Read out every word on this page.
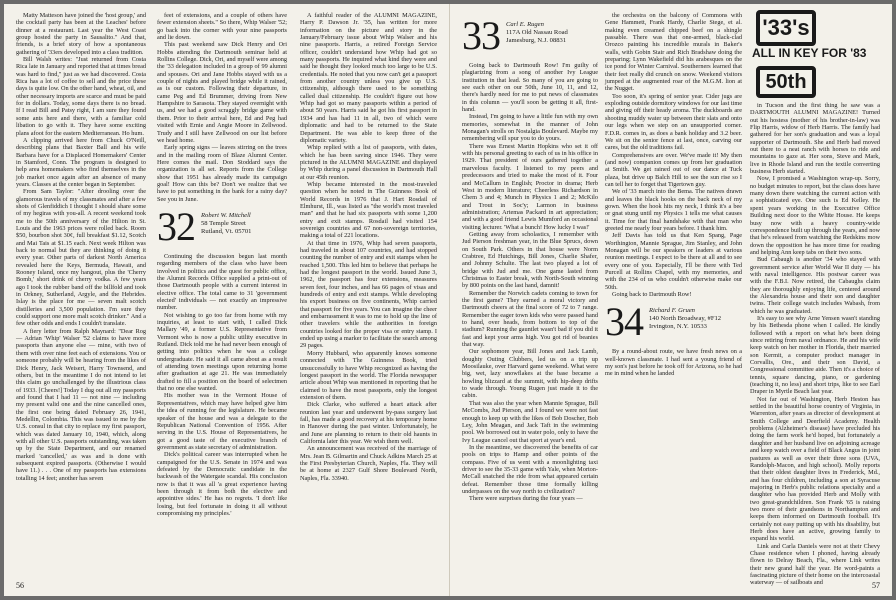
Matty Matteson have joined the 'host group,' and the cocktail party has been at the Leaches' before dinner at a restaurant. Last year the West Coast group hosted the party in Sausalito." And that, friends, is a brief story of how a spontaneous gathering of '33ers developed into a class tradition.

Bill Walsh writes: "Just returned from Costa Rica late in January and reported that at times bread was hard to find," just as we had discovered. Costa Rica has a lot of coffee to sell and the price these days is quite low. On the other hand, wheat, oil, and other necessary imports are scarce and must be paid for in dollars. Today, some days there is no bread. If I read Bill and Patsy right, I am sure they found some ants here and there, with a familiar cold libation to go with it. They have some exciting plans afoot for the eastern Mediterranean. Ho hum.

A clipping arrived here from Chuck O'Neill, describing plans that Baxter Ball and his wife Barbara have for a Displaced Homemakers' Center in Stamford, Conn. The program is designed to help area homemakers who find themselves in the job market once again after an absence of many years. Classes at the center began in September.

From Sam Taylor: "After drooling over the glamorous travels of my classmates and after a few shots of Glenfiddich I thought I should share some of my hegiras with you-all. A recent weekend took me to the 50th anniversary of the Hilton in St. Louis and the 1963 prices were rolled back. Room $50, bourbon shot 30¢, full breakfast $1.12, Scotch and Mai Tais at $1.15 each. Next week Hilton was back to normal but they are thinking of doing it every year. Other parts of darkest North America revealed here the Keys, Bermuda, Hawaii, and Rooney Island, once my hangout, plus the 'Cherry Bomb,' short drink of cherry vodka. A few years ago I took the rubber band off the billfold and took in Orkney, Sutherland, Argyle, and the Hebrides. Islay is the place for me — seven malt scotch distilleries and 3,500 population. I'm sure they could support one more malt scotch drinker." And a few other odds and ends I couldn't translate.

A fiery letter from Ralph Maynard: "Dear Rog — Adrian 'Whip' Walser '52 claims to have more passports than anyone else — mine, with two of them with over nine feet each of extensions. You or someone probably will be hearing from the likes of Dick Henry, Jack Weisert, Harry Townsend, and others, but in the meantime I do not intend to let this claim go unchallenged by the illustrious class of 1933. [Cheers!] Today I dug out all my passports and found that I had 11 — not nine — including my present valid one and the nine cancelled ones, the first one being dated February 26, 1941, Medellin, Colombia. This was issued to me by the U.S. consul in that city to replace my first passport, which was dated January 10, 1940, which, along with all other U.S. passports outstanding, was taken up by the State Department, and our renamed marked 'cancelled,' as was and is done with subsequent expired passports. (Otherwise I would have 11.) . . . One of my passports has extensions totalling 14 feet; another has seven

feet of extensions, and a couple of others have fewer extension sheets." So there, Whip Walser '52; go back into the corner with your nine passports and lie down.

This past weekend saw Dick Henry and Ori Hobbs attending the Dartmouth seminar held at Rollins College. Dick, Ori, and myself were among the '33 delegation included in a group of 99 alumni and spouses. Ori and Jane Hobbs stayed with us a couple of nights and played bridge while it rained, as is our custom. Following their departure, in came Peg and Ed Brummer, driving from New Hampshire to Sarasota. They stayed overnight with us, and we had a good scraggly bridge game with them. Prior to their arrival here, Ed and Peg had visited with Ernie and Angie Moore in Zellwood. Trudy and I still have Zellwood on our list before we head home.

Early spring signs — leaves stirring on the trees and in the mailing room of Blaze Alumni Center. Here comes the mail. Don Stoddard says the organization is all set. Reports from the College show that 1951 has already made its campaign goal! How can this be? Don't we realize that we have to put something in the bank for a rainy day? See you in June.

32 Robert W. Mitchell
58 Temple Street
Rutland, Vt. 05701

Continuing the discussion begun last month regarding members of the class who have been involved in politics and the quest for public office, the Alumni Records Office supplied a print-out of those Dartmouth people with a current interest in elective office. The total came to 31 'government elected' individuals — not exactly an impressive number.

Not wishing to go too far from home with my inquiries, at least to start with, I called Dick Mallary '49, a former U.S. Representative from Vermont who is now a public utility executive in Rutland. Dick told me he had never been enough of getting into politics when he was a college undergraduate. He said it all came about as a result of attending town meetings upon returning home after graduation at age 21. He was immediately drafted to fill a position on the board of selectmen that no one else wanted.

His mother was in the Vermont House of Representatives, which may have helped give him the idea of running for the legislature. He became speaker of the house and was a delegate to the Republican National Convention of 1956. After serving in the U.S. House of Representatives, he got a good taste of the executive branch of government as state secretary of administration.

Dick's political career was interrupted when he campaigned for the U.S. Senate in 1974 and was defeated by the Democratic candidate in the backwash of the Watergate scandal. His conclusion now is that it was all 'a great experience having been through it from both the elective and appointive sides.' He has no regrets. 'I don't like losing, but feel fortunate in doing it all without compromising my principles.'

A faithful reader of the ALUMNI MAGAZINE, Harry P. Dawson Jr. '35, has written for more information on the picture and story in the January/February issue about Whip Walser and his nine passports. Harris, a retired Foreign Service officer, couldn't understand how Whip had got so many passports. He inquired what kind they were and said he thought they looked much too large to be U.S. credentials. He noted that you now can't get a passport from another country unless you give up U.S. citizenship, although there used to be something called dual citizenship. He couldn't figure out how Whip had got so many passports within a period of about 50 years. Harris said he got his first passport in 1934 and has had 11 in all, two of which were diplomatic and had to be returned to the State Department. He was able to keep three of the diplomatic variety.

Whip replied with a list of passports, with dates, which he has been saving since 1946. They were pictured in the ALUMNI MAGAZINE and displayed by Whip during a panel discussion in Dartmouth Hall at our 45th reunion.

Whip became interested in the most-traveled question when he noted in The Guinness Book of World Records in 1976 that J. Hart Rosdail of Elmhurst, Ill., was listed as "the world's most traveled man" and that he had six passports with some 1,200 entry and exit stamps. Rosdail had visited 154 sovereign countries and 67 non-sovereign territories, making a total of 221 locations.

At that time in 1976, Whip had seven passports, had traveled in about 107 countries, and had stopped counting the number of entry and exit stamps when he reached 1,500. This led him to believe that perhaps he had the longest passport in the world. Issued June 3, 1962, the passport has four extensions, measures seven feet, four inches, and has 66 pages of visas and hundreds of entry and exit stamps. While developing his export business on five continents, Whip carried that passport for five years. You can imagine the cheer and embarrassment it was to me to hold up the line of other travelers while the authorities in foreign countries looked for the proper visa or entry stamp. I ended up using a marker to facilitate the search among 29 pages.

Morry Hubbard, who apparently knows someone connected with The Guinness Book, tried unsuccessfully to have Whip recognized as having the longest passport in the world. The Florida newspaper article about Whip was mentioned in reporting that he claimed to have the most passports, only the longest extension of them.

Dick Clarke, who suffered a heart attack after reunion last year and underwent by-pass surgery last fall, has made a good recovery at his temporary home in Hanover during the past winter. Unfortunately, he and June are planning to return to their old haunts in California later this year. We wish them well.

An announcement was received of the marriage of Mrs. Jean B. Gilmartin and Chuck Adkins March 25 at the First Presbyterian Church, Naples, Fla. They will be at home at 2327 Gulf Shore Boulevard North, Naples, Fla. 33940.

56
33 Carl E. Rugen
117A Old Nassau Road
Jamesburg, N.J. 08831

Going back to Dartmouth Row! I'm guilty of plagiarizing from a song of another Ivy League institution in that lead. So many of you are going to see each other on our 50th, June 10, 11, and 12, there's hardly need for me to put news of classmates in this column — you'll soon be getting it all, first-hand.

Instead, I'm going to have a little fun with my own memories, somewhat in the manner of John Monagan's strolls on Nostalgia Boulevard. Maybe my remembering will spur you to do yours.

There was Ernest Martin Hopkins who set it off with his personal greeting to each of us in his office in 1929. That president of ours gathered together a marvelous faculty. I listened to my peers and predecessors and tried to make the most of it. Four and McCallum in English; Proctor in drama; Herb West in modern literature; Cheerless Richardson in Chem 3 and 4; Munch in Physics 1 and 2; McKilo and Trout in Soc'y; Larmon in business administration; Artemas Packard in art appreciation; and with a good friend Lewis Mumford an occasional visiting lecturer. 'What a bunch! How lucky I was!'

Getting away from scholastics, I remember with Jud Pierson freshman year, in the Blue Sprucs, down on South Park. Others in that house were Norm Crabtree, Ed Hutchings, Bill Jones, Charlie Shafer, and Johnny Schulte. The last two played a lot of bridge with Jud and me. One game lasted from Christmas to Easter break, with North-South winning by 800 points on the last hand, damnit!

Remember the Norwich cadets coming to town for the first game? They earned a moral victory and Dartmouth cheers at the final score of 72 to 7 range. Remember the eager town kids who were passed hand to hand, over heads, from bottom to top of the stadium? Running the gauntlet wasn't bad if you did it fast and kept your arms high. You got rid of beanies that way.

Our sophomore year, Bill Jones and Jack Lamb, doughty Outing Clubbers, led us on a trip up Moosilauke, over Harvard game weekend. What were big, wet, lazy snowflakes at the base became a howling blizzard at the summit, with hip-deep drifts to wade through. Young Rugen just made it to the cabin.

That was also the year when Mannie Sprague, Bill McCombs, Jud Pierson, and I found we were not fast enough to keep up with the likes of Bob Doscher, Bob Ley, John Meagan, and Jack Taft in the swimming pool. We borrowed out in water polo, only to have the Ivy League cancel out that sport at year's end.

In the meantime, we discovered the benefits of car pools on trips to Hamp and other points of the compass. Five of us went with a moonlighting taxi driver to see the 35-33 game with Yale, when Morton-McCall snatched the ride from what appeared certain defeat. Remember those time formally killing underpasses on the way north to civilization?

There were surprises during the four years —

the orchestra on the balcony of Commons with Gene Hammett, Frank Hardy, Charlie Stege, et al. making even creamed chipped beef on a shingle passable. There was that one-armed, black-clad Orozco painting his incredible murals in Baker's walls, with Gobin Stair and Rich Bradshaw doing the preparing; Lynn Wakefield did his arabesques on the ice pond for Winter Carnival. Southerners learned that their feet really did crunch on snow. Weekend visitors jumped at the augmented roar of the M.G.M. lion at the Nugget.

Too soon, it's spring of senior year. Cider jugs are exploding outside dormitory windows for our last time and giving off their heady aroma. The duckboards are shooting muddy water up between their slats and onto our legs when we step on an unsupported corner. F.D.R. comes in, as does a bank holiday and 3.2 beer. We sit on the senior fence at last, once, carving our cares, but the old traditions fail.

Comprehensives are over. We've made it! My then (and now) companion comes up from her graduation at Smith. We get rained out of our dance at Tuck plaza, but drive up Balch Hill to see the sun rise so I can tell her to forget that Tigertown guy.

We of '33 march into the Bema. The natives drawn and leaves the black hooks on the back neck of my gown. When the hook hits my neck, I think it's a bee or gnat stung until my Physics 1 tells me what causes it. Time for that final handshake with that man who greeted me nearly four years before. I thank him.

Jeff Davis has told us that Ken Spang, Page Worthington, Mannie Sprague, Jim Stanley, and John Monagan will be our speakers or leaders at various reunion meetings. I expect to be there at all and to see every one of you. Especially, I'll be there with Ted Purcell at Rollins Chapel, with my memories, and with the 234 of us who couldn't otherwise make our 50th.

Going back to Dartmouth Row!

34 Richard F. Gruen
140 North Broadway, #F12
Irvington, N.Y. 10533

By a round-about route, we have fresh news on a well-known classmate. I had sent a young friend of my son's just before he took off for Arizona, so he had me in mind when he landed

in Tucson and the first thing he saw was a DARTMOUTH ALUMNI MAGAZINE! Turned out his hostess (mother of his brother-in-law) was Flip Harris, widow of Herb Harris. The family had gathered for her son's graduation and was a loyal supporter of Dartmouth. She and Herb had moved out there to a neat ranch with horses to ride and mountains to gaze at. Her sons, Steve and Mark, live in Rhode Island and run the textile converting business Herb started.

Now, I promised a Washington wrap-up. Sorry, no budget minutes to report, but the class does have many down there watching the current action with a sophisticated eye. One such is Ed Kelley. He spent years working in the Executive Office Building next door to the White House. He keeps busy now with a heavy country-wide correspondence built up through the years, and now that he's released from watching the Redskins mow down the opposition he has more time for reading and helping Ann keep tabs on their two sons.

Bud Cabaugh is another '34 who stayed with government service after World War II duty — his with naval intelligence. His postwar career was with the F.B.I. Now retired, the Cabaughs claim they are thoroughly enjoying life, centered around the Alexandria house and their son and daughter twins. Their college watch includes Wabash, from which he was graduated.

It's easy to see why Arne Yensen wasn't standing by his Bethesda phone when I called. He kindly followed with a report on what he's been doing since retiring from naval ordnance. He and his wife keep watch on her mother in Florida, their married son Kermit, a computer product manager in Corvallis, Ore., and their son David, a Congressional committee aide. Then it's a choice of tennis, square dancing, piano, or gardening (teaching it, no less) and short trips, like to see Earl Draper in Myrtle Beach last year.

Not far out of Washington, Herb Heston has settled in the beautiful horse country of Virginia, in Warrenton, after years as director of development at Smith College and Deerfield Academy. Health problems (Alzheimer's disease) have precluded his doing the farm work he'd hoped, but fortunately a daughter and her husband live on adjoining acreage and keep watch over a field of Black Angus in joint pastures as well as over their three sons (UVA, Randolph-Macon, and high school). Molly reports that their oldest daughter lives in Frederick, Md., and has four children, including a son at Syracuse majoring in Herb's public relations specialty and a daughter who has provided Herb and Molly with two great-grandchildren. Son Frank '65 is raising two more of their grandsons in Northampton and keeps them informed on Dartmouth football. It's certainly not easy putting up with his disability, but Herb does have an active, growing family to expand his world.

Link and Carla Daniels were not at their Chevy Chase residence when I phoned, having already flown to Delray Beach, Fla., where Link writes their new grand half the year. He word-paints a fascinating picture of their home on the intercoastal waterway — of sailboats and

'33's
ALL IN KEY FOR '83
50th
57
